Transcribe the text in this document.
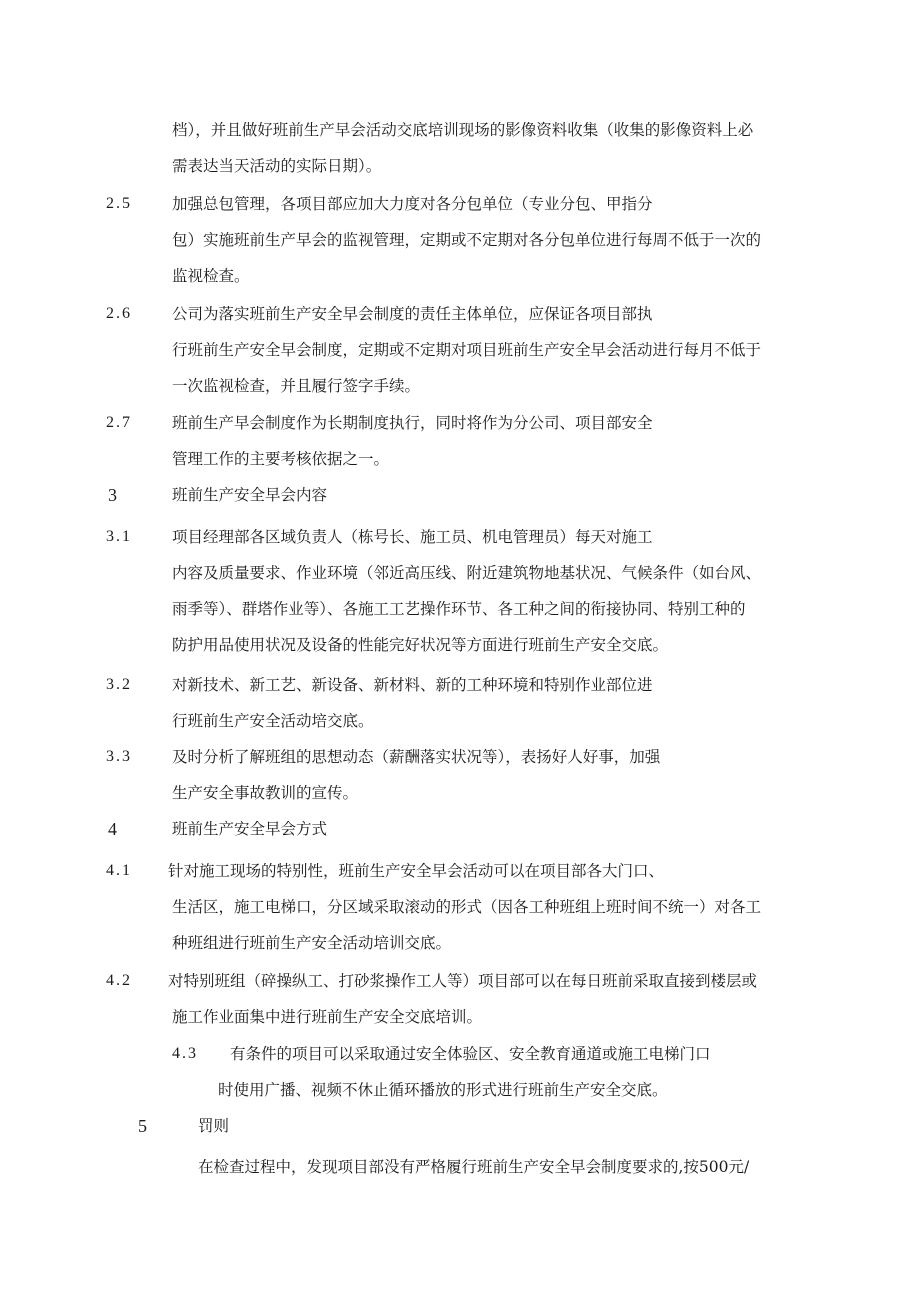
档），并且做好班前生产早会活动交底培训现场的影像资料收集（收集的影像资料上必
需表达当天活动的实际日期）。
2.5	加强总包管理，各项目部应加大力度对各分包单位（专业分包、甲指分
包）实施班前生产早会的监视管理，定期或不定期对各分包单位进行每周不低于一次的
监视检查。
2.6	公司为落实班前生产安全早会制度的责任主体单位，应保证各项目部执
行班前生产安全早会制度，定期或不定期对项目班前生产安全早会活动进行每月不低于
一次监视检查，并且履行签字手续。
2.7	班前生产早会制度作为长期制度执行，同时将作为分公司、项目部安全
管理工作的主要考核依据之一。
3	班前生产安全早会内容
3.1	项目经理部各区域负责人（栋号长、施工员、机电管理员）每天对施工
内容及质量要求、作业环境（邻近高压线、附近建筑物地基状况、气候条件（如台风、
雨季等）、群塔作业等）、各施工工艺操作环节、各工种之间的衔接协同、特别工种的
防护用品使用状况及设备的性能完好状况等方面进行班前生产安全交底。
3.2	对新技术、新工艺、新设备、新材料、新的工种环境和特别作业部位进
行班前生产安全活动培交底。
3.3	及时分析了解班组的思想动态（薪酬落实状况等），表扬好人好事，加强
生产安全事故教训的宣传。
4	班前生产安全早会方式
4.1 针对施工现场的特别性，班前生产安全早会活动可以在项目部各大门口、
生活区，施工电梯口，分区域采取滚动的形式（因各工种班组上班时间不统一）对各工
种班组进行班前生产安全活动培训交底。
4.2 对特别班组（碎操纵工、打砂浆操作工人等）项目部可以在每日班前采取直接到楼层或
施工作业面集中进行班前生产安全交底培训。
4.3 有条件的项目可以采取通过安全体验区、安全教育通道或施工电梯门口
时使用广播、视频不休止循环播放的形式进行班前生产安全交底。
5	罚则
在检查过程中，发现项目部没有严格履行班前生产安全早会制度要求的,按500元/
